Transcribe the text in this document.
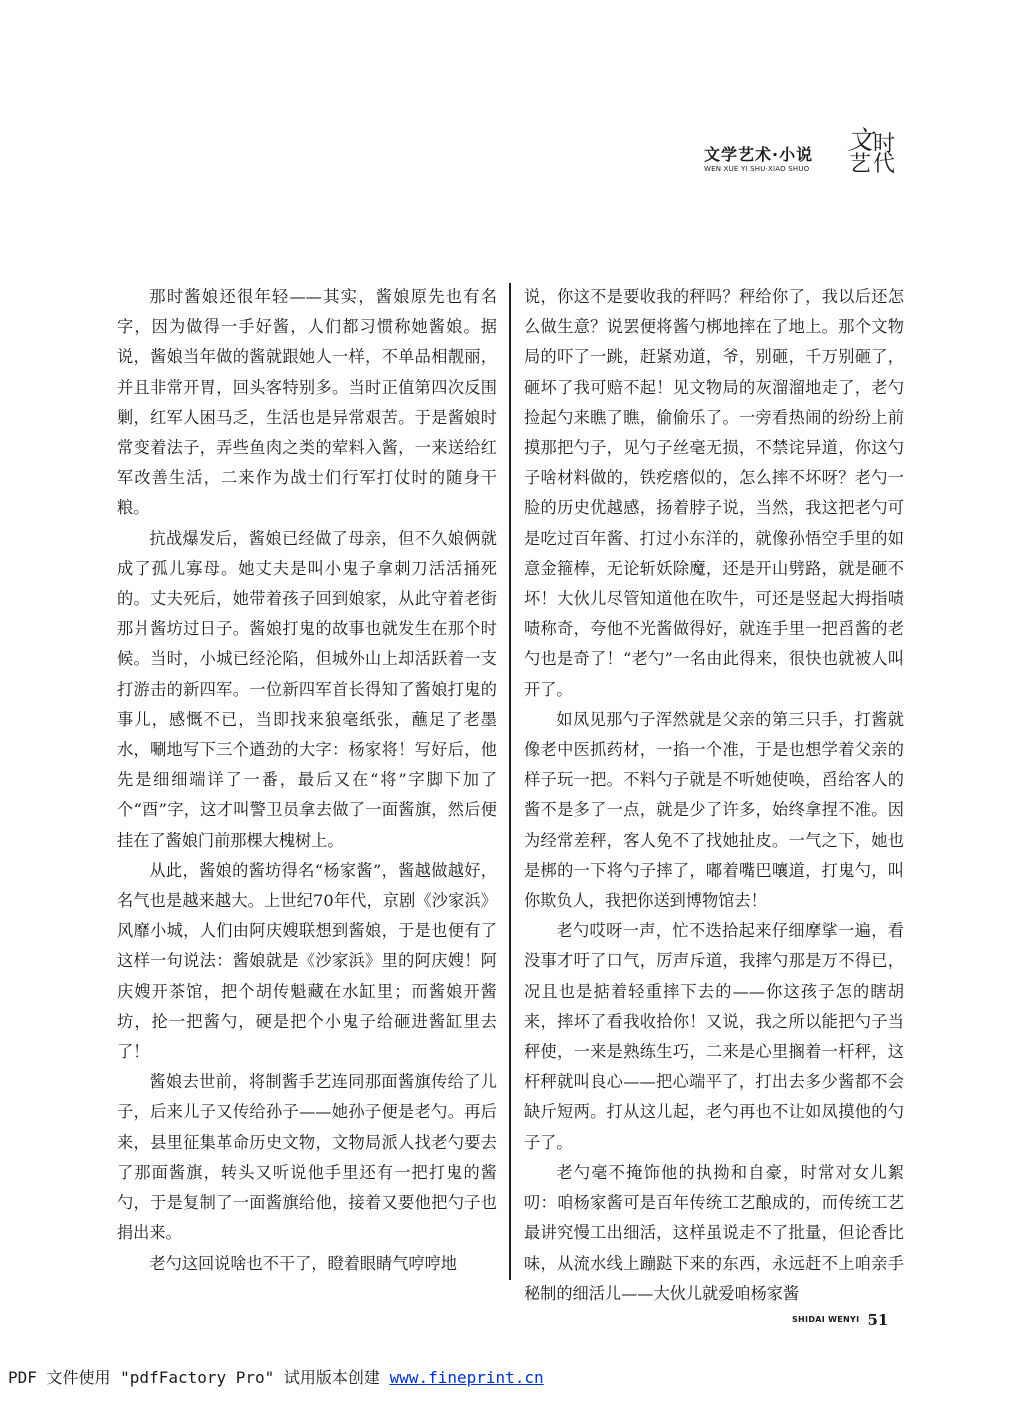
文学艺术·小说
WEN XUE YI SHU·XIAO SHUO
文 时
艺 代

那时酱娘还很年轻——其实，酱娘原先也有名字，因为做得一手好酱，人们都习惯称她酱娘。据说，酱娘当年做的酱就跟她人一样，不单品相靓丽，并且非常开胃，回头客特别多。当时正值第四次反围剿，红军人困马乏，生活也是异常艰苦。于是酱娘时常变着法子，弄些鱼肉之类的荤料入酱，一来送给红军改善生活，二来作为战士们行军打仗时的随身干粮。

抗战爆发后，酱娘已经做了母亲，但不久娘俩就成了孤儿寡母。她丈夫是叫小鬼子拿刺刀活活捅死的。丈夫死后，她带着孩子回到娘家，从此守着老街那爿酱坊过日子。酱娘打鬼的故事也就发生在那个时候。当时，小城已经沦陷，但城外山上却活跃着一支打游击的新四军。一位新四军首长得知了酱娘打鬼的事儿，感慨不已，当即找来狼毫纸张，蘸足了老墨水，唰地写下三个遒劲的大字：杨家将！写好后，他先是细细端详了一番，最后又在“将”字脚下加了个“酉”字，这才叫警卫员拿去做了一面酱旗，然后便挂在了酱娘门前那棵大槐树上。

从此，酱娘的酱坊得名“杨家酱”，酱越做越好，名气也是越来越大。上世纪70年代，京剧《沙家浜》风靡小城，人们由阿庆嫂联想到酱娘，于是也便有了这样一句说法：酱娘就是《沙家浜》里的阿庆嫂！阿庆嫂开茶馆，把个胡传魁藏在水缸里；而酱娘开酱坊，抡一把酱勺，硬是把个小鬼子给砸进酱缸里去了！

酱娘去世前，将制酱手艺连同那面酱旗传给了儿子，后来儿子又传给孙子——她孙子便是老勺。再后来，县里征集革命历史文物，文物局派人找老勺要去了那面酱旗，转头又听说他手里还有一把打鬼的酱勺，于是复制了一面酱旗给他，接着又要他把勺子也捐出来。

老勺这回说啥也不干了，瞪着眼睛气哼哼地

说，你这不是要收我的秤吗？秤给你了，我以后还怎么做生意？说罢便将酱勺梆地摔在了地上。那个文物局的吓了一跳，赶紧劝道，爷，别砸，千万别砸了，砸坏了我可赔不起！见文物局的灰溜溜地走了，老勺捡起勺来瞧了瞧，偷偷乐了。一旁看热闹的纷纷上前摸那把勺子，见勺子丝毫无损，不禁诧异道，你这勺子啥材料做的，铁疙瘩似的，怎么摔不坏呀？老勺一脸的历史优越感，扬着脖子说，当然，我这把老勺可是吃过百年酱、打过小东洋的，就像孙悟空手里的如意金箍棒，无论斩妖除魔，还是开山劈路，就是砸不坏！大伙儿尽管知道他在吹牛，可还是竖起大拇指啧啧称奇，夸他不光酱做得好，就连手里一把舀酱的老勺也是奇了！“老勺”一名由此得来，很快也就被人叫开了。

如凤见那勺子浑然就是父亲的第三只手，打酱就像老中医抓药材，一掐一个准，于是也想学着父亲的样子玩一把。不料勺子就是不听她使唤，舀给客人的酱不是多了一点，就是少了许多，始终拿捏不准。因为经常差秤，客人免不了找她扯皮。一气之下，她也是梆的一下将勺子摔了，嘟着嘴巴嚷道，打鬼勺，叫你欺负人，我把你送到博物馆去！

老勺哎呀一声，忙不迭拾起来仔细摩挲一遍，看没事才吁了口气，厉声斥道，我摔勺那是万不得已，况且也是掂着轻重摔下去的——你这孩子怎的瞎胡来，摔坏了看我收拾你！又说，我之所以能把勺子当秤使，一来是熟练生巧，二来是心里搁着一杆秤，这杆秤就叫良心——把心端平了，打出去多少酱都不会缺斤短两。打从这儿起，老勺再也不让如凤摸他的勺子了。

老勺毫不掩饰他的执拗和自豪，时常对女儿絮叨：咱杨家酱可是百年传统工艺酿成的，而传统工艺最讲究慢工出细活，这样虽说走不了批量，但论香比味，从流水线上蹦跶下来的东西，永远赶不上咱亲手秘制的细活儿——大伙儿就爱咱杨家酱

SHIDAI WENYI 51
PDF 文件使用 "pdfFactory Pro" 试用版本创建 www.fineprint.cn
